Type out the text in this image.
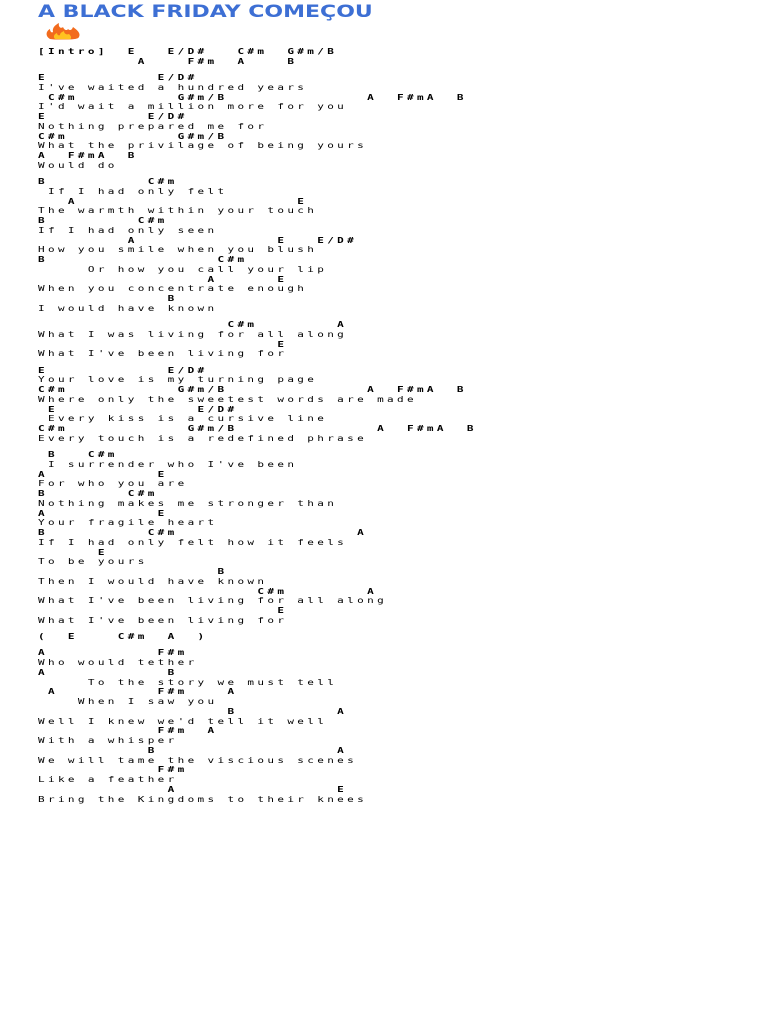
A BLACK FRIDAY COMEÇOU
[Intro]  E   E/D#   C#m  G#m/B
A    F#m  A    B
E           E/D#
I've waited a hundred years
C#m          G#m/B              A  F#mA  B
I'd wait a million more for you
E          E/D#
Nothing prepared me for
C#m           G#m/B
What the privilage of being yours
A  F#mA  B
Would do
B          C#m
If I had only felt
A                      E
The warmth within your touch
B         C#m
If I had only seen
A              E   E/D#
How you smile when you blush
B                 C#m
Or how you call your lip
A      E
When you concentrate enough
B
I would have known
C#m        A
What I was living for all along
E
What I've been living for
E            E/D#
Your love is my turning page
C#m           G#m/B              A  F#mA  B
Where only the sweetest words are made
E              E/D#
Every kiss is a cursive line
C#m            G#m/B              A  F#mA  B
Every touch is a redefined phrase
B   C#m
I surrender who I've been
A           E
For who you are
B        C#m
Nothing makes me stronger than
A           E
Your fragile heart
B          C#m                  A
If I had only felt how it feels
E
To be yours
B
Then I would have known
C#m        A
What I've been living for all along
E
What I've been living for
(  E    C#m  A  )
A           F#m
Who would tether
A            B
To the story we must tell
A          F#m    A
When I saw you
B          A
Well I knew we'd tell it well
F#m  A
With a whisper
B                  A
We will tame the viscious scenes
F#m
Like a feather
A                E
Bring the Kingdoms to their knees
